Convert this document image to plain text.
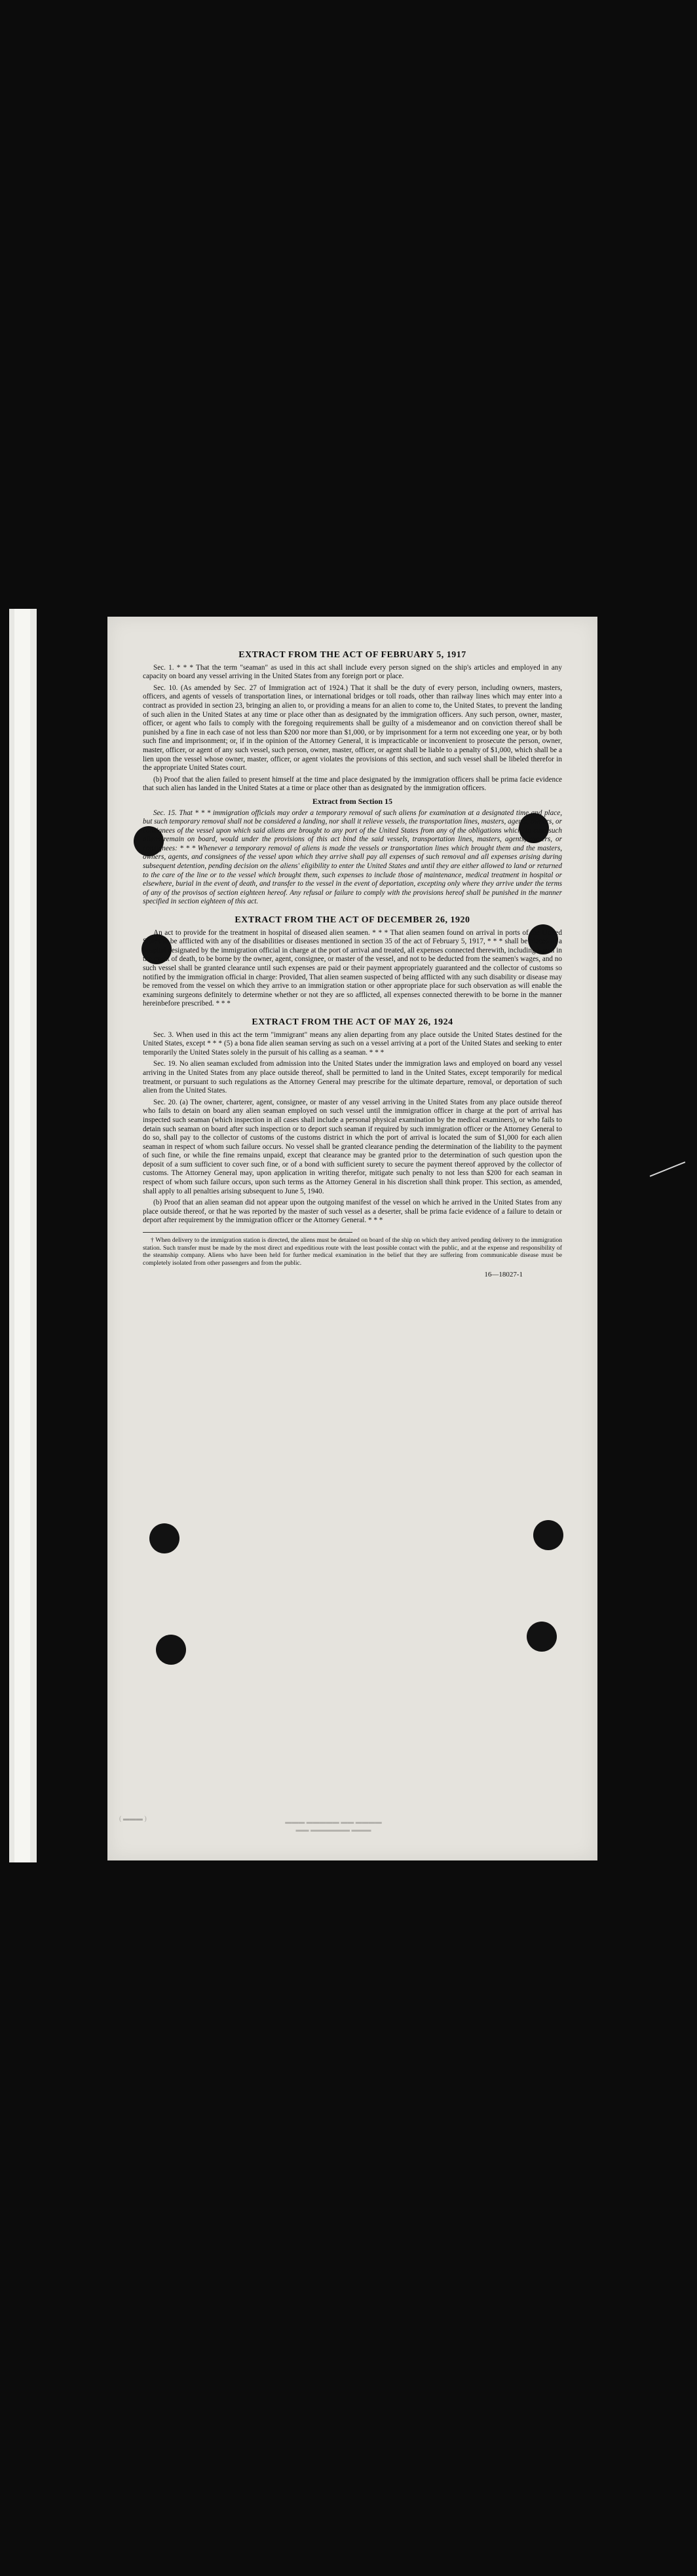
EXTRACT FROM THE ACT OF FEBRUARY 5, 1917

Sec. 1. * * * That the term "seaman" as used in this act shall include every person signed on the ship's articles and employed in any capacity on board any vessel arriving in the United States from any foreign port or place.

Sec. 10. (As amended by Sec. 27 of Immigration act of 1924.) That it shall be the duty of every person, including owners, masters, officers, and agents of vessels of transportation lines, or international bridges or toll roads, other than railway lines which may enter into a contract as provided in section 23, bringing an alien to, or providing a means for an alien to come to, the United States, to prevent the landing of such alien in the United States at any time or place other than as designated by the immigration officers. Any such person, owner, master, officer, or agent who fails to comply with the foregoing requirements shall be guilty of a misdemeanor and on conviction thereof shall be punished by a fine in each case of not less than $200 nor more than $1,000, or by imprisonment for a term not exceeding one year, or by both such fine and imprisonment; or, if in the opinion of the Attorney General, it is impracticable or inconvenient to prosecute the person, owner, master, officer, or agent of any such vessel, such person, owner, master, officer, or agent shall be liable to a penalty of $1,000, which shall be a lien upon the vessel whose owner, master, officer, or agent violates the provisions of this section, and such vessel shall be libeled therefor in the appropriate United States court.

(b) Proof that the alien failed to present himself at the time and place designated by the immigration officers shall be prima facie evidence that such alien has landed in the United States at a time or place other than as designated by the immigration officers.

Extract from Section 15

Sec. 15. That * * * immigration officials may order a temporary removal of such aliens for examination at a designated time and place, but such temporary removal shall not be considered a landing, nor shall it relieve vessels, the transportation lines, masters, agents, owners, or consignees of the vessel upon which said aliens are brought to any port of the United States from any of the obligations which, in case such aliens remain on board, would under the provisions of this act bind the said vessels, transportation lines, masters, agents, owners, or consignees: * * * Whenever a temporary removal of aliens is made the vessels or transportation lines which brought them and the masters, owners, agents, and consignees of the vessel upon which they arrive shall pay all expenses of such removal and all expenses arising during subsequent detention, pending decision on the aliens' eligibility to enter the United States and until they are either allowed to land or returned to the care of the line or to the vessel which brought them, such expenses to include those of maintenance, medical treatment in hospital or elsewhere, burial in the event of death, and transfer to the vessel in the event of deportation, excepting only where they arrive under the terms of any of the provisos of section eighteen hereof. Any refusal or failure to comply with the provisions hereof shall be punished in the manner specified in section eighteen of this act.

EXTRACT FROM THE ACT OF DECEMBER 26, 1920

An act to provide for the treatment in hospital of diseased alien seamen. * * * That alien seamen found on arrival in ports of the United States to be afflicted with any of the disabilities or diseases mentioned in section 35 of the act of February 5, 1917, * * * shall be placed in a hospital designated by the immigration official in charge at the port of arrival and treated, all expenses connected therewith, including burial in the event of death, to be borne by the owner, agent, consignee, or master of the vessel, and not to be deducted from the seamen's wages, and no such vessel shall be granted clearance until such expenses are paid or their payment appropriately guaranteed and the collector of customs so notified by the immigration official in charge: Provided, That alien seamen suspected of being afflicted with any such disability or disease may be removed from the vessel on which they arrive to an immigration station or other appropriate place for such observation as will enable the examining surgeons definitely to determine whether or not they are so afflicted, all expenses connected therewith to be borne in the manner hereinbefore prescribed. * * *

EXTRACT FROM THE ACT OF MAY 26, 1924

Sec. 3. When used in this act the term "immigrant" means any alien departing from any place outside the United States destined for the United States, except * * * (5) a bona fide alien seaman serving as such on a vessel arriving at a port of the United States and seeking to enter temporarily the United States solely in the pursuit of his calling as a seaman. * * *

Sec. 19. No alien seaman excluded from admission into the United States under the immigration laws and employed on board any vessel arriving in the United States from any place outside thereof, shall be permitted to land in the United States, except temporarily for medical treatment, or pursuant to such regulations as the Attorney General may prescribe for the ultimate departure, removal, or deportation of such alien from the United States.

Sec. 20. (a) The owner, charterer, agent, consignee, or master of any vessel arriving in the United States from any place outside thereof who fails to detain on board any alien seaman employed on such vessel until the immigration officer in charge at the port of arrival has inspected such seaman (which inspection in all cases shall include a personal physical examination by the medical examiners), or who fails to detain such seaman on board after such inspection or to deport such seaman if required by such immigration officer or the Attorney General to do so, shall pay to the collector of customs of the customs district in which the port of arrival is located the sum of $1,000 for each alien seaman in respect of whom such failure occurs. No vessel shall be granted clearance pending the determination of the liability to the payment of such fine, or while the fine remains unpaid, except that clearance may be granted prior to the determination of such question upon the deposit of a sum sufficient to cover such fine, or of a bond with sufficient surety to secure the payment thereof approved by the collector of customs. The Attorney General may, upon application in writing therefor, mitigate such penalty to not less than $200 for each seaman in respect of whom such failure occurs, upon such terms as the Attorney General in his discretion shall think proper. This section, as amended, shall apply to all penalties arising subsequent to June 5, 1940.

(b) Proof that an alien seaman did not appear upon the outgoing manifest of the vessel on which he arrived in the United States from any place outside thereof, or that he was reported by the master of such vessel as a deserter, shall be prima facie evidence of a failure to detain or deport after requirement by the immigration officer or the Attorney General. * * *

† When delivery to the immigration station is directed, the aliens must be detained on board of the ship on which they arrived pending delivery to the immigration station. Such transfer must be made by the most direct and expeditious route with the least possible contact with the public, and at the expense and responsibility of the steamship company. Aliens who have been held for further medical examination in the belief that they are suffering from communicable disease must be completely isolated from other passengers and from the public.

16—18027-1
▬▬▬ ▬▬▬▬▬ ▬▬ ▬▬▬▬
▬▬ ▬▬▬▬▬▬ ▬▬▬
( ▬▬▬ )
